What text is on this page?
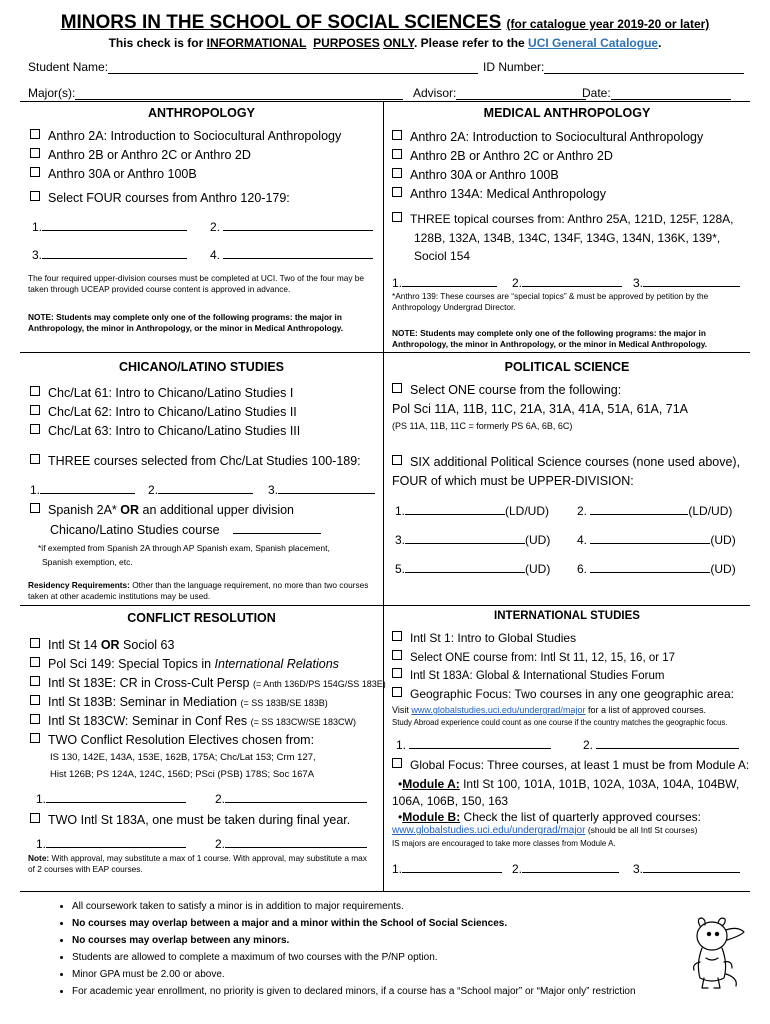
MINORS IN THE SCHOOL OF SOCIAL SCIENCES (for catalogue year 2019-20 or later)
This check is for INFORMATIONAL PURPOSES ONLY. Please refer to the UCI General Catalogue.
Student Name:	ID Number:
Major(s):	Advisor:	Date:
ANTHROPOLOGY
Anthro 2A: Introduction to Sociocultural Anthropology
Anthro 2B or Anthro 2C or Anthro 2D
Anthro 30A or Anthro 100B
Select FOUR courses from Anthro 120-179:
1.	2.
3.	4.
The four required upper-division courses must be completed at UCI. Two of the four may be taken through UCEAP provided course content is approved in advance.
NOTE: Students may complete only one of the following programs: the major in Anthropology, the minor in Anthropology, or the minor in Medical Anthropology.
MEDICAL ANTHROPOLOGY
Anthro 2A: Introduction to Sociocultural Anthropology
Anthro 2B or Anthro 2C or Anthro 2D
Anthro 30A or Anthro 100B
Anthro 134A: Medical Anthropology
THREE topical courses from: Anthro 25A, 121D, 125F, 128A,
128B, 132A, 134B, 134C, 134F, 134G, 134N, 136K, 139*,
Sociol 154
1.	2.	3.
*Anthro 139: These courses are “special topics” & must be approved by petition by the Anthropology Undergrad Director.
NOTE: Students may complete only one of the following programs: the major in Anthropology, the minor in Anthropology, or the minor in Medical Anthropology.
CHICANO/LATINO STUDIES
Chc/Lat 61: Intro to Chicano/Latino Studies I
Chc/Lat 62: Intro to Chicano/Latino Studies II
Chc/Lat 63: Intro to Chicano/Latino Studies III
THREE courses selected from Chc/Lat Studies 100-189:
1.	2.	3.
Spanish 2A* OR an additional upper division
Chicano/Latino Studies course
*if exempted from Spanish 2A through AP Spanish exam, Spanish placement,
Spanish exemption, etc.
Residency Requirements: Other than the language requirement, no more than two courses taken at other academic institutions may be used.
POLITICAL SCIENCE
Select ONE course from the following:
Pol Sci 11A, 11B, 11C, 21A, 31A, 41A, 51A, 61A, 71A
(PS 11A, 11B, 11C = formerly PS 6A, 6B, 6C)
SIX additional Political Science courses (none used above),
FOUR of which must be UPPER-DIVISION:
1.	(LD/UD) 2.	(LD/UD)
3.	(UD) 4.	(UD)
5.	(UD) 6.	(UD)
CONFLICT RESOLUTION
Intl St 14 OR Sociol 63
Pol Sci 149: Special Topics in International Relations
Intl St 183E: CR in Cross-Cult Persp (= Anth 136D/PS 154G/SS 183E)
Intl St 183B: Seminar in Mediation (= SS 183B/SE 183B)
Intl St 183CW: Seminar in Conf Res (= SS 183CW/SE 183CW)
TWO Conflict Resolution Electives chosen from:
IS 130, 142E, 143A, 153E, 162B, 175A; Chc/Lat 153; Crm 127,
Hist 126B; PS 124A, 124C, 156D; PSci (PSB) 178S; Soc 167A
1.	2.
TWO Intl St 183A, one must be taken during final year.
1.	2.
Note: With approval, may substitute a max of 1 course. With approval, may substitute a max of 2 courses with EAP courses.
INTERNATIONAL STUDIES
Intl St 1: Intro to Global Studies
Select ONE course from: Intl St 11, 12, 15, 16, or 17
Intl St 183A: Global & International Studies Forum
Geographic Focus: Two courses in any one geographic area:
Visit www.globalstudies.uci.edu/undergrad/major for a list of approved courses.
Study Abroad experience could count as one course if the country matches the geographic focus.
1.	2.
Global Focus: Three courses, at least 1 must be from Module A:
•Module A: Intl St 100, 101A, 101B, 102A, 103A, 104A, 104BW,
106A, 106B, 150, 163
•Module B: Check the list of quarterly approved courses:
www.globalstudies.uci.edu/undergrad/major (should be all Intl St courses)
IS majors are encouraged to take more classes from Module A.
1.	2.	3.
• All coursework taken to satisfy a minor is in addition to major requirements.
• No courses may overlap between a major and a minor within the School of Social Sciences.
• No courses may overlap between any minors.
• Students are allowed to complete a maximum of two courses with the P/NP option.
• Minor GPA must be 2.00 or above.
• For academic year enrollment, no priority is given to declared minors, if a course has a “School major” or “Major only” restriction
